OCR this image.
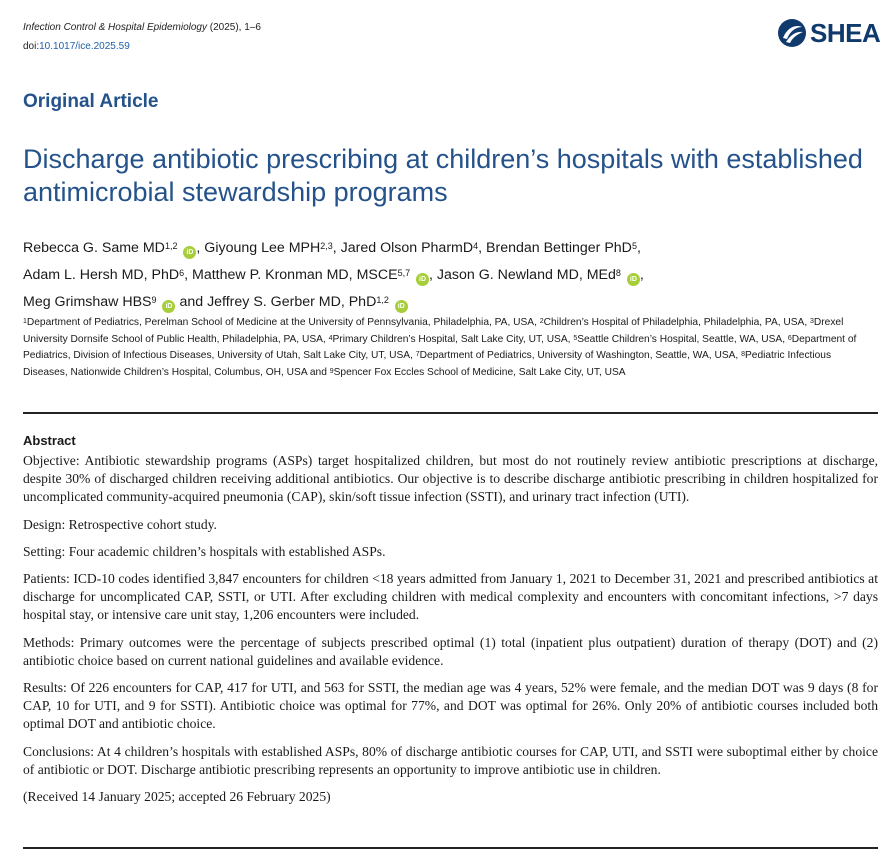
Infection Control & Hospital Epidemiology (2025), 1–6
doi:10.1017/ice.2025.59	SHEA
Original Article
Discharge antibiotic prescribing at children’s hospitals with established antimicrobial stewardship programs
Rebecca G. Same MD$^{1,2}$ iD , Giyoung Lee MPH$^{2,3}$, Jared Olson PharmD$^4$, Brendan Bettinger PhD$^5$,
Adam L. Hersh MD, PhD$^6$, Matthew P. Kronman MD, MSCE$^{5,7}$ iD , Jason G. Newland MD, MEd$^8$ iD ,
Meg Grimshaw HBS$^9$ iD and Jeffrey S. Gerber MD, PhD$^{1,2}$ iD
$^1$Department of Pediatrics, Perelman School of Medicine at the University of Pennsylvania, Philadelphia, PA, USA, $^2$Children’s Hospital of Philadelphia, Philadelphia, PA, USA, $^3$Drexel University Dornsife School of Public Health, Philadelphia, PA, USA, $^4$Primary Children’s Hospital, Salt Lake City, UT, USA, $^5$Seattle Children’s Hospital, Seattle, WA, USA, $^6$Department of Pediatrics, Division of Infectious Diseases, University of Utah, Salt Lake City, UT, USA, $^7$Department of Pediatrics, University of Washington, Seattle, WA, USA, $^8$Pediatric Infectious Diseases, Nationwide Children’s Hospital, Columbus, OH, USA and $^9$Spencer Fox Eccles School of Medicine, Salt Lake City, UT, USA
Abstract

Objective: Antibiotic stewardship programs (ASPs) target hospitalized children, but most do not routinely review antibiotic prescriptions at discharge, despite 30% of discharged children receiving additional antibiotics. Our objective is to describe discharge antibiotic prescribing in children hospitalized for uncomplicated community-acquired pneumonia (CAP), skin/soft tissue infection (SSTI), and urinary tract infection (UTI).

Design: Retrospective cohort study.

Setting: Four academic children’s hospitals with established ASPs.

Patients: ICD-10 codes identified 3,847 encounters for children <18 years admitted from January 1, 2021 to December 31, 2021 and prescribed antibiotics at discharge for uncomplicated CAP, SSTI, or UTI. After excluding children with medical complexity and encounters with concomitant infections, >7 days hospital stay, or intensive care unit stay, 1,206 encounters were included.

Methods: Primary outcomes were the percentage of subjects prescribed optimal (1) total (inpatient plus outpatient) duration of therapy (DOT) and (2) antibiotic choice based on current national guidelines and available evidence.

Results: Of 226 encounters for CAP, 417 for UTI, and 563 for SSTI, the median age was 4 years, 52% were female, and the median DOT was 9 days (8 for CAP, 10 for UTI, and 9 for SSTI). Antibiotic choice was optimal for 77%, and DOT was optimal for 26%. Only 20% of antibiotic courses included both optimal DOT and antibiotic choice.

Conclusions: At 4 children’s hospitals with established ASPs, 80% of discharge antibiotic courses for CAP, UTI, and SSTI were suboptimal either by choice of antibiotic or DOT. Discharge antibiotic prescribing represents an opportunity to improve antibiotic use in children.

(Received 14 January 2025; accepted 26 February 2025)
